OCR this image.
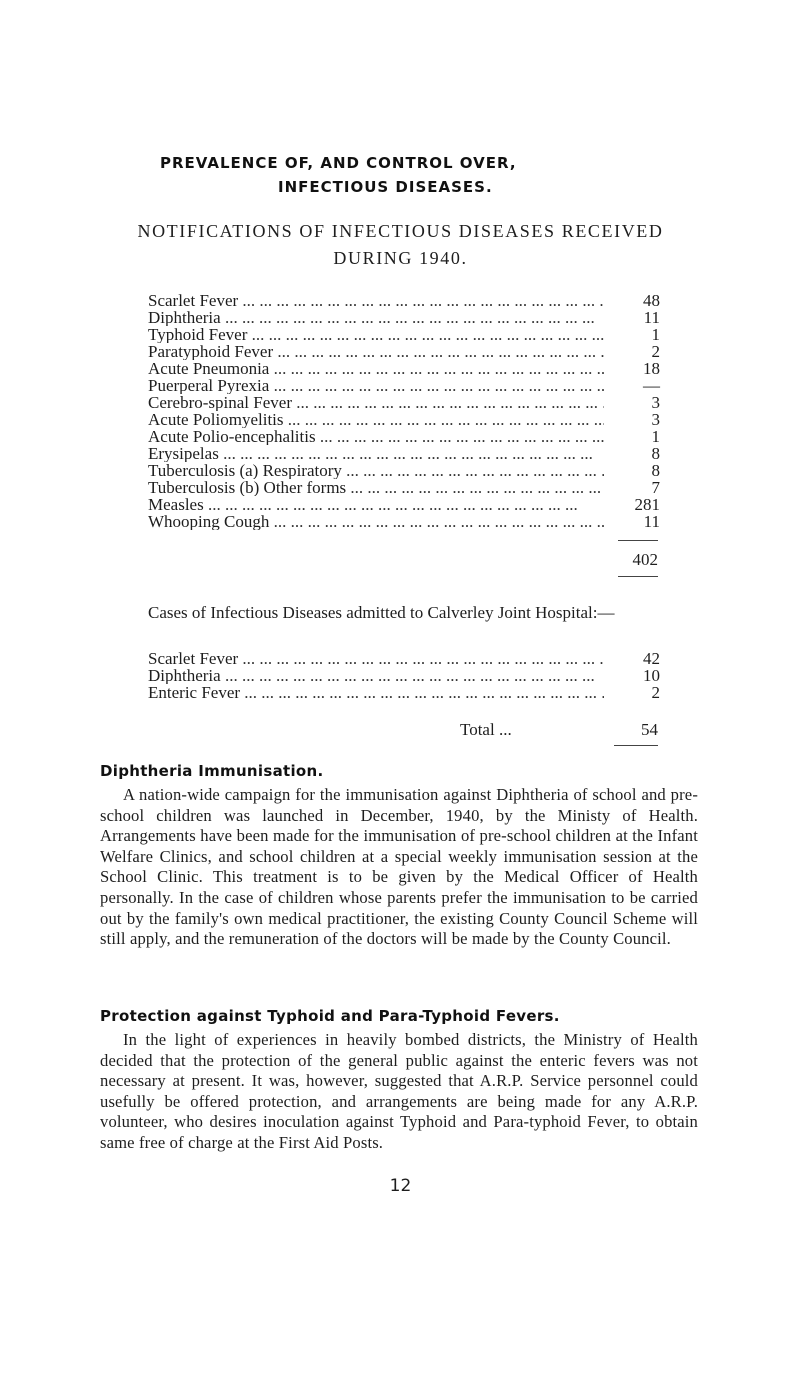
PREVALENCE OF, AND CONTROL OVER,
INFECTIOUS DISEASES.
NOTIFICATIONS OF INFECTIOUS DISEASES RECEIVED
DURING 1940.
Scarlet Fever ... .	48
Diphtheria ... .	11
Typhoid Fever ... .	1
Paratyphoid Fever ... .	2
Acute Pneumonia ... .	18
Puerperal Pyrexia ... .	—
Cerebro-spinal Fever ... .	3
Acute Poliomyelitis ... .	3
Acute Polio-encephalitis ... .	1
Erysipelas ... .	8
Tuberculosis (a) Respiratory ... .	8
Tuberculosis (b) Other forms ... .	7
Measles ... .	281
Whooping Cough ... .	11
402
Cases of Infectious Diseases admitted to Calverley Joint Hospital:—
Scarlet Fever ... .	42
Diphtheria ... .	10
Enteric Fever ... .	2
Total ...	54
Diphtheria Immunisation.
A nation-wide campaign for the immunisation against Diphtheria of school and pre-school children was launched in December, 1940, by the Ministy of Health. Arrangements have been made for the immunisation of pre-school children at the Infant Welfare Clinics, and school children at a special weekly immunisation session at the School Clinic. This treatment is to be given by the Medical Officer of Health personally. In the case of children whose parents prefer the immunisation to be carried out by the family's own medical practitioner, the existing County Council Scheme will still apply, and the remuneration of the doctors will be made by the County Council.
Protection against Typhoid and Para-Typhoid Fevers.
In the light of experiences in heavily bombed districts, the Ministry of Health decided that the protection of the general public against the enteric fevers was not necessary at present. It was, however, suggested that A.R.P. Service personnel could usefully be offered protection, and arrangements are being made for any A.R.P. volunteer, who desires inoculation against Typhoid and Para-typhoid Fever, to obtain same free of charge at the First Aid Posts.
12
